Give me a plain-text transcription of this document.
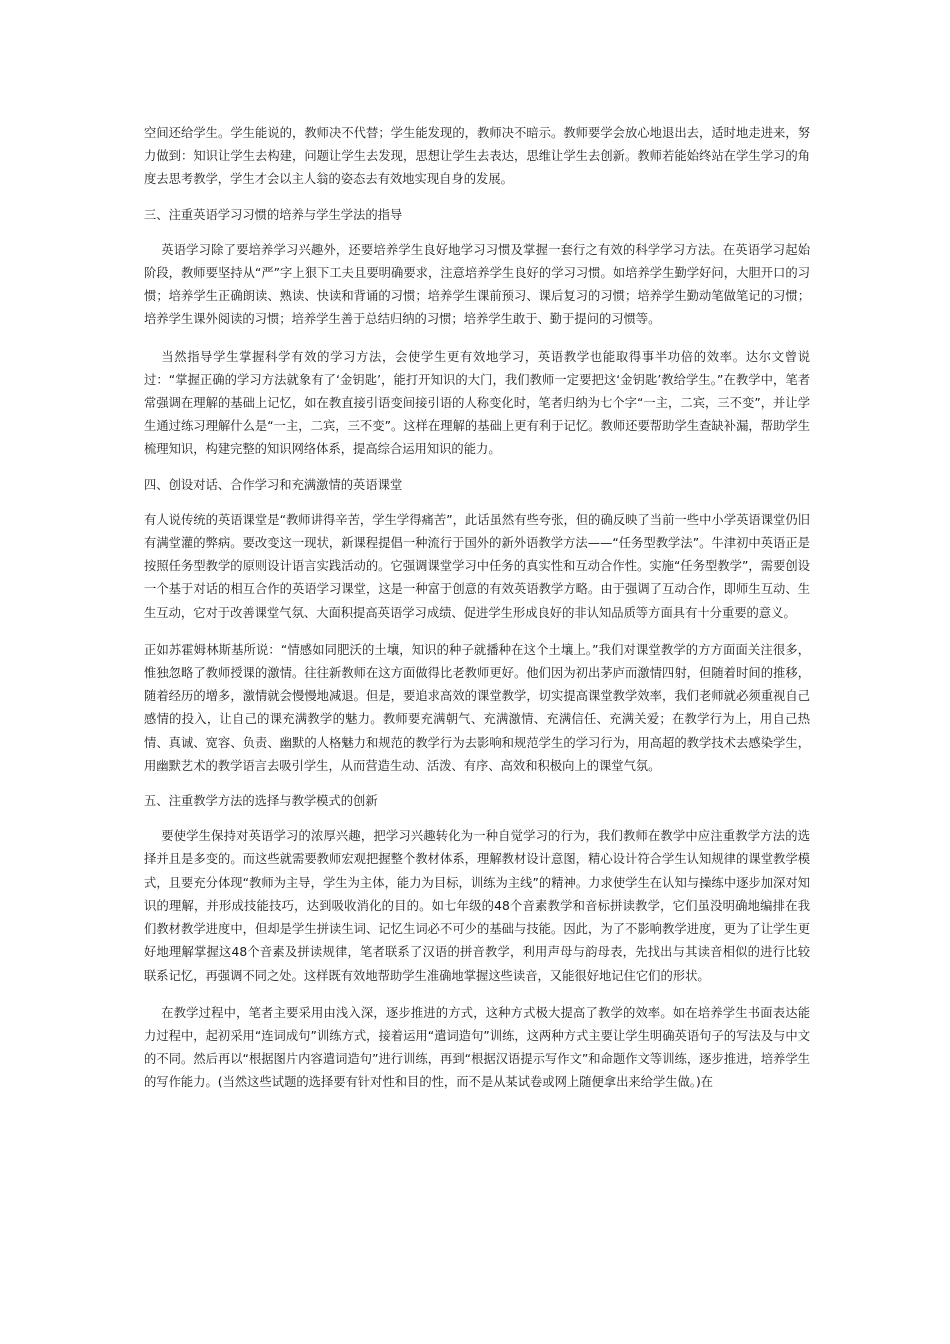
空间还给学生。学生能说的，教师决不代替；学生能发现的，教师决不暗示。教师要学会放心地退出去，适时地走进来，努力做到：知识让学生去构建，问题让学生去发现，思想让学生去表达，思维让学生去创新。教师若能始终站在学生学习的角度去思考教学，学生才会以主人翁的姿态去有效地实现自身的发展。

三、注重英语学习习惯的培养与学生学法的指导

英语学习除了要培养学习兴趣外，还要培养学生良好地学习习惯及掌握一套行之有效的科学学习方法。在英语学习起始阶段，教师要坚持从“严”字上狠下工夫且要明确要求，注意培养学生良好的学习习惯。如培养学生勤学好问，大胆开口的习惯；培养学生正确朗读、熟读、快读和背诵的习惯；培养学生课前预习、课后复习的习惯；培养学生勤动笔做笔记的习惯；培养学生课外阅读的习惯；培养学生善于总结归纳的习惯；培养学生敢于、勤于提问的习惯等。

当然指导学生掌握科学有效的学习方法，会使学生更有效地学习，英语教学也能取得事半功倍的效率。达尔文曾说过：“掌握正确的学习方法就象有了‘金钥匙’，能打开知识的大门，我们教师一定要把这‘金钥匙’教给学生。”在教学中，笔者常强调在理解的基础上记忆，如在教直接引语变间接引语的人称变化时，笔者归纳为七个字“一主，二宾，三不变”，并让学生通过练习理解什么是“一主，二宾，三不变”。这样在理解的基础上更有利于记忆。教师还要帮助学生查缺补漏，帮助学生梳理知识，构建完整的知识网络体系，提高综合运用知识的能力。

四、创设对话、合作学习和充满激情的英语课堂

有人说传统的英语课堂是“教师讲得辛苦，学生学得痛苦”，此话虽然有些夸张，但的确反映了当前一些中小学英语课堂仍旧有满堂灌的弊病。要改变这一现状，新课程提倡一种流行于国外的新外语教学方法——“任务型教学法”。牛津初中英语正是按照任务型教学的原则设计语言实践活动的。它强调课堂学习中任务的真实性和互动合作性。实施“任务型教学”，需要创设一个基于对话的相互合作的英语学习课堂，这是一种富于创意的有效英语教学方略。由于强调了互动合作，即师生互动、生生互动，它对于改善课堂气氛、大面积提高英语学习成绩、促进学生形成良好的非认知品质等方面具有十分重要的意义。

正如苏霍姆林斯基所说：“情感如同肥沃的土壤，知识的种子就播种在这个土壤上。”我们对课堂教学的方方面面关注很多，惟独忽略了教师授课的激情。往往新教师在这方面做得比老教师更好。他们因为初出茅庐而激情四射，但随着时间的推移，随着经历的增多，激情就会慢慢地减退。但是，要追求高效的课堂教学，切实提高课堂教学效率，我们老师就必须重视自己感情的投入，让自己的课充满教学的魅力。教师要充满朝气、充满激情、充满信任、充满关爱；在教学行为上，用自己热情、真诚、宽容、负责、幽默的人格魅力和规范的教学行为去影响和规范学生的学习行为，用高超的教学技术去感染学生，用幽默艺术的教学语言去吸引学生，从而营造生动、活泼、有序、高效和积极向上的课堂气氛。

五、注重教学方法的选择与教学模式的创新

要使学生保持对英语学习的浓厚兴趣，把学习兴趣转化为一种自觉学习的行为，我们教师在教学中应注重教学方法的选择并且是多变的。而这些就需要教师宏观把握整个教材体系，理解教材设计意图，精心设计符合学生认知规律的课堂教学模式，且要充分体现“教师为主导，学生为主体，能力为目标，训练为主线”的精神。力求使学生在认知与操练中逐步加深对知识的理解，并形成技能技巧，达到吸收消化的目的。如七年级的48个音素教学和音标拼读教学，它们虽没明确地编排在我们教材教学进度中，但却是学生拼读生词、记忆生词必不可少的基础与技能。因此，为了不影响教学进度，更为了让学生更好地理解掌握这48个音素及拼读规律，笔者联系了汉语的拼音教学，利用声母与韵母表，先找出与其读音相似的进行比较联系记忆，再强调不同之处。这样既有效地帮助学生准确地掌握这些读音，又能很好地记住它们的形状。

在教学过程中，笔者主要采用由浅入深，逐步推进的方式，这种方式极大提高了教学的效率。如在培养学生书面表达能力过程中，起初采用“连词成句”训练方式，接着运用“遣词造句”训练，这两种方式主要让学生明确英语句子的写法及与中文的不同。然后再以“根据图片内容遣词造句”进行训练，再到“根据汉语提示写作文”和命题作文等训练，逐步推进，培养学生的写作能力。(当然这些试题的选择要有针对性和目的性，而不是从某试卷或网上随便拿出来给学生做。)在
